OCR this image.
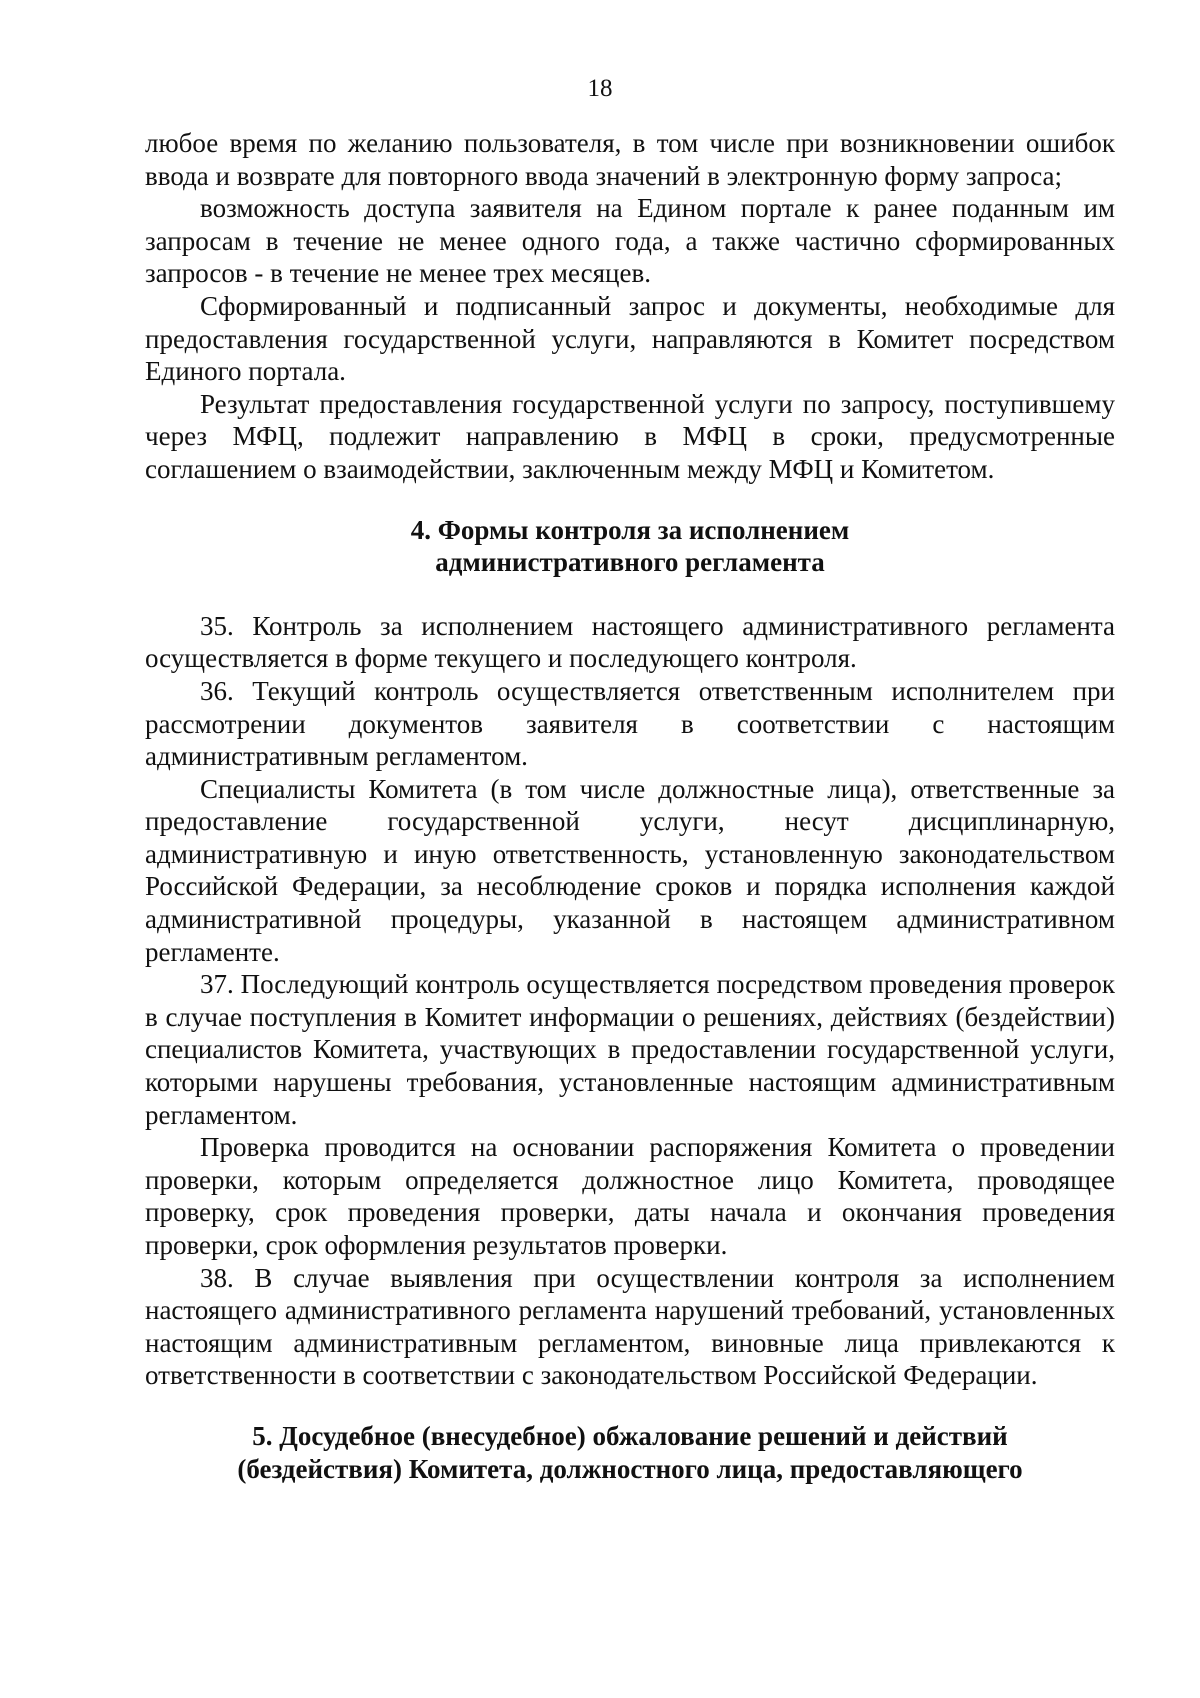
18

любое время по желанию пользователя, в том числе при возникновении ошибок ввода и возврате для повторного ввода значений в электронную форму запроса;

возможность доступа заявителя на Едином портале к ранее поданным им запросам в течение не менее одного года, а также частично сформированных запросов - в течение не менее трех месяцев.

Сформированный и подписанный запрос и документы, необходимые для предоставления государственной услуги, направляются в Комитет посредством Единого портала.

Результат предоставления государственной услуги по запросу, поступившему через МФЦ, подлежит направлению в МФЦ в сроки, предусмотренные соглашением о взаимодействии, заключенным между МФЦ и Комитетом.

4. Формы контроля за исполнением
административного регламента

35. Контроль за исполнением настоящего административного регламента осуществляется в форме текущего и последующего контроля.

36. Текущий контроль осуществляется ответственным исполнителем при рассмотрении документов заявителя в соответствии с настоящим административным регламентом.

Специалисты Комитета (в том числе должностные лица), ответственные за предоставление государственной услуги, несут дисциплинарную, административную и иную ответственность, установленную законодательством Российской Федерации, за несоблюдение сроков и порядка исполнения каждой административной процедуры, указанной в настоящем административном регламенте.

37. Последующий контроль осуществляется посредством проведения проверок в случае поступления в Комитет информации о решениях, действиях (бездействии) специалистов Комитета, участвующих в предоставлении государственной услуги, которыми нарушены требования, установленные настоящим административным регламентом.

Проверка проводится на основании распоряжения Комитета о проведении проверки, которым определяется должностное лицо Комитета, проводящее проверку, срок проведения проверки, даты начала и окончания проведения проверки, срок оформления результатов проверки.

38. В случае выявления при осуществлении контроля за исполнением настоящего административного регламента нарушений требований, установленных настоящим административным регламентом, виновные лица привлекаются к ответственности в соответствии с законодательством Российской Федерации.

5. Досудебное (внесудебное) обжалование решений и действий
(бездействия) Комитета, должностного лица, предоставляющего
